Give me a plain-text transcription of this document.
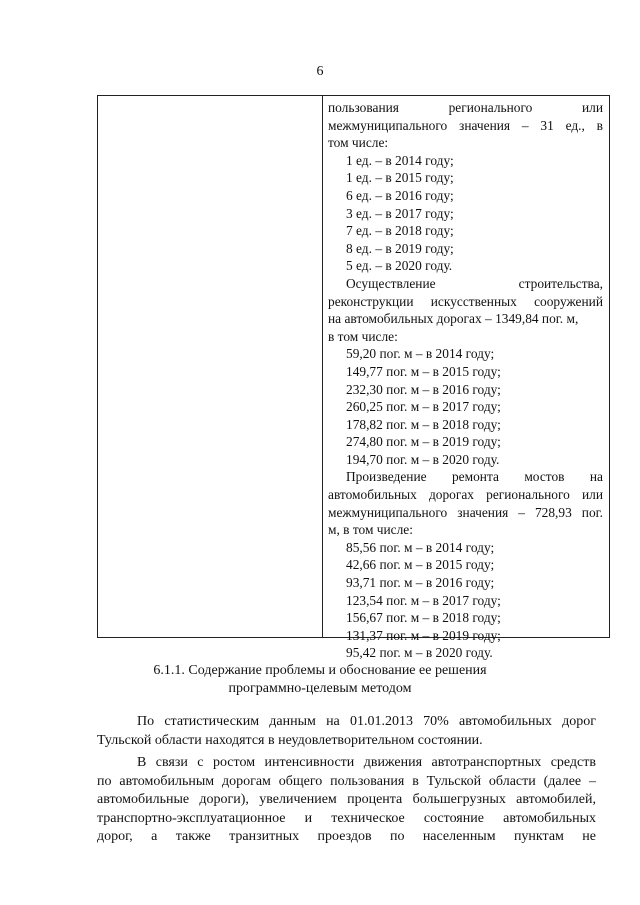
6
пользования регионального или
межмуниципального значения – 31 ед., в
том числе:
1 ед. – в 2014 году;
1 ед. – в 2015 году;
6 ед. – в 2016 году;
3 ед. – в 2017 году;
7 ед. – в 2018 году;
8 ед. – в 2019 году;
5 ед. – в 2020 году.
Осуществление строительства,
реконструкции искусственных сооружений
на автомобильных дорогах – 1349,84 пог. м,
в том числе:
59,20 пог. м – в 2014 году;
149,77 пог. м – в 2015 году;
232,30 пог. м – в 2016 году;
260,25 пог. м – в 2017 году;
178,82 пог. м – в 2018 году;
274,80 пог. м – в 2019 году;
194,70 пог. м – в 2020 году.
Произведение ремонта мостов на
автомобильных дорогах регионального или
межмуниципального значения – 728,93 пог.
м, в том числе:
85,56 пог. м – в 2014 году;
42,66 пог. м – в 2015 году;
93,71 пог. м – в 2016 году;
123,54 пог. м – в 2017 году;
156,67 пог. м – в 2018 году;
131,37 пог. м – в 2019 году;
95,42 пог. м – в 2020 году.
6.1.1. Содержание проблемы и обоснование ее решения
программно-целевым методом
По статистическим данным на 01.01.2013 70% автомобильных дорог
Тульской области находятся в неудовлетворительном состоянии.
В связи с ростом интенсивности движения автотранспортных средств
по автомобильным дорогам общего пользования в Тульской области (далее –
автомобильные дороги), увеличением процента большегрузных автомобилей,
транспортно-эксплуатационное и техническое состояние автомобильных
дорог, а также транзитных проездов по населенным пунктам не
